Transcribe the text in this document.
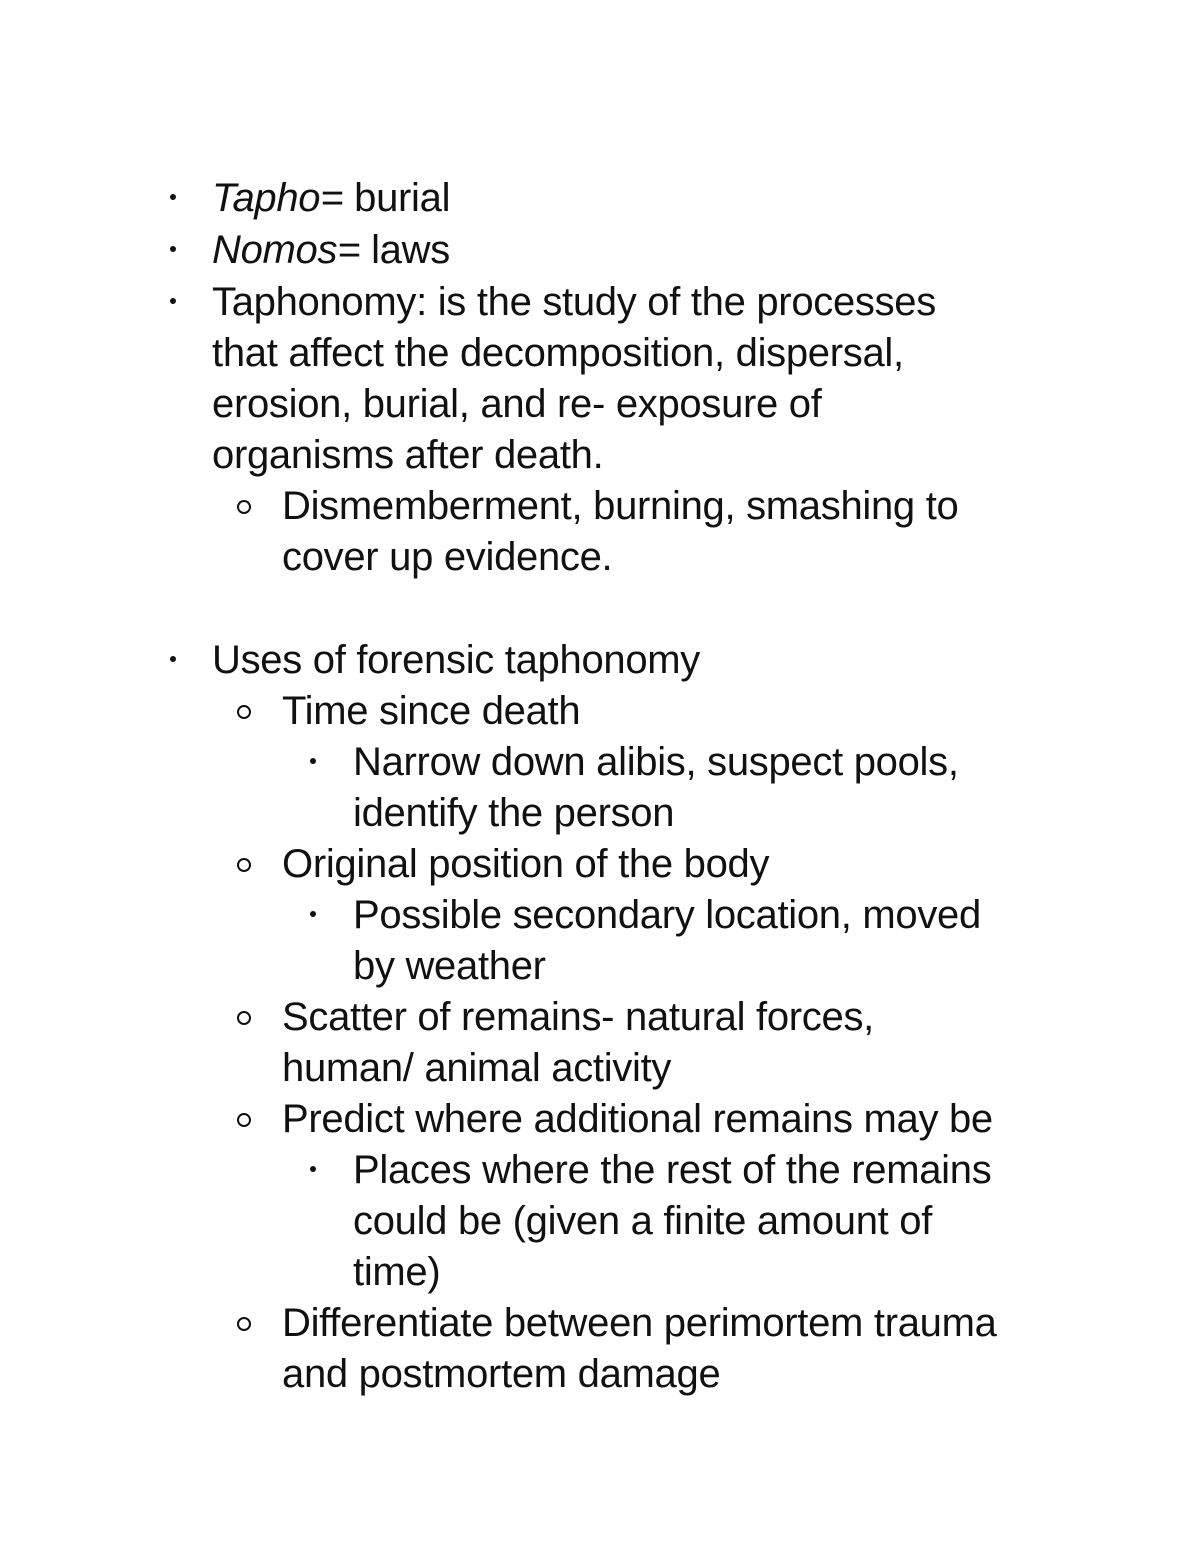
Tapho= burial
Nomos= laws
Taphonomy: is the study of the processes
that affect the decomposition, dispersal,
erosion, burial, and re- exposure of
organisms after death.
Dismemberment, burning, smashing to
cover up evidence.
Uses of forensic taphonomy
Time since death
Narrow down alibis, suspect pools,
identify the person
Original position of the body
Possible secondary location, moved
by weather
Scatter of remains- natural forces,
human/ animal activity
Predict where additional remains may be
Places where the rest of the remains
could be (given a finite amount of
time)
Differentiate between perimortem trauma
and postmortem damage
